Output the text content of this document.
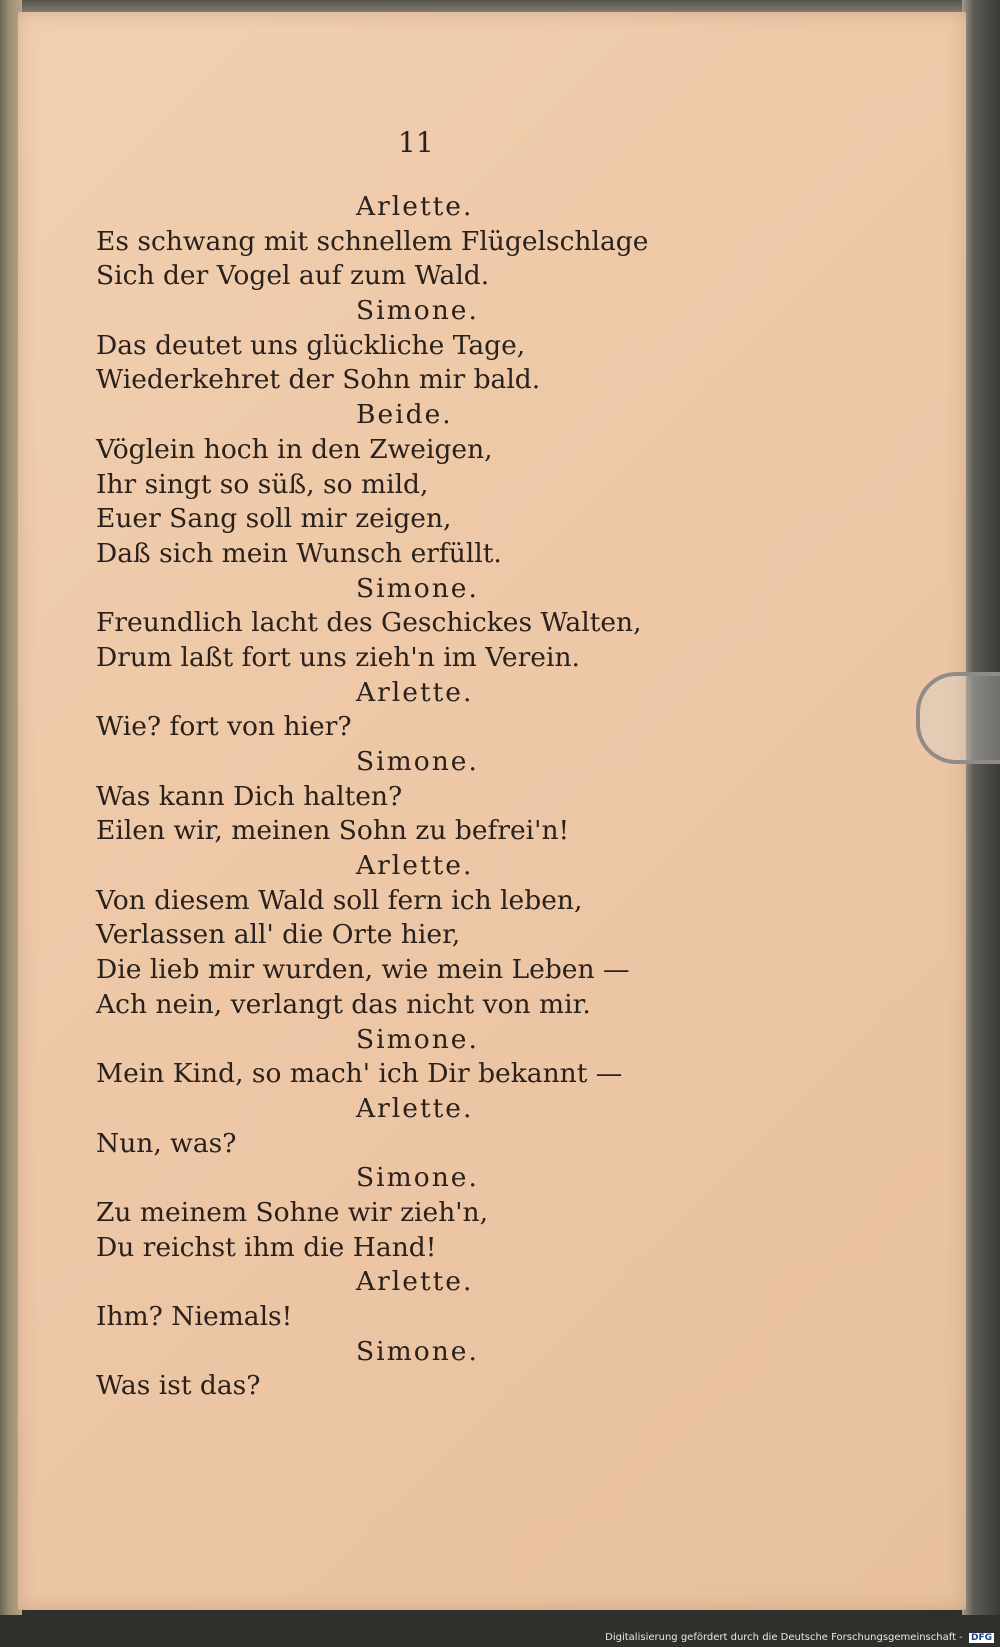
11
Arlette.
Es schwang mit schnellem Flügelschlage
Sich der Vogel auf zum Wald.
Simone.
Das deutet uns glückliche Tage,
Wiederkehret der Sohn mir bald.
Beide.
Vöglein hoch in den Zweigen,
Ihr singt so süß, so mild,
Euer Sang soll mir zeigen,
Daß sich mein Wunsch erfüllt.
Simone.
Freundlich lacht des Geschickes Walten,
Drum laßt fort uns zieh'n im Verein.
Arlette.
Wie? fort von hier?
Simone.
Was kann Dich halten?
Eilen wir, meinen Sohn zu befrei'n!
Arlette.
Von diesem Wald soll fern ich leben,
Verlassen all' die Orte hier,
Die lieb mir wurden, wie mein Leben —
Ach nein, verlangt das nicht von mir.
Simone.
Mein Kind, so mach' ich Dir bekannt —
Arlette.
Nun, was?
Simone.
Zu meinem Sohne wir zieh'n,
Du reichst ihm die Hand!
Arlette.
Ihm? Niemals!
Simone.
Was ist das?
Digitalisierung gefördert durch die Deutsche Forschungsgemeinschaft - DFG
